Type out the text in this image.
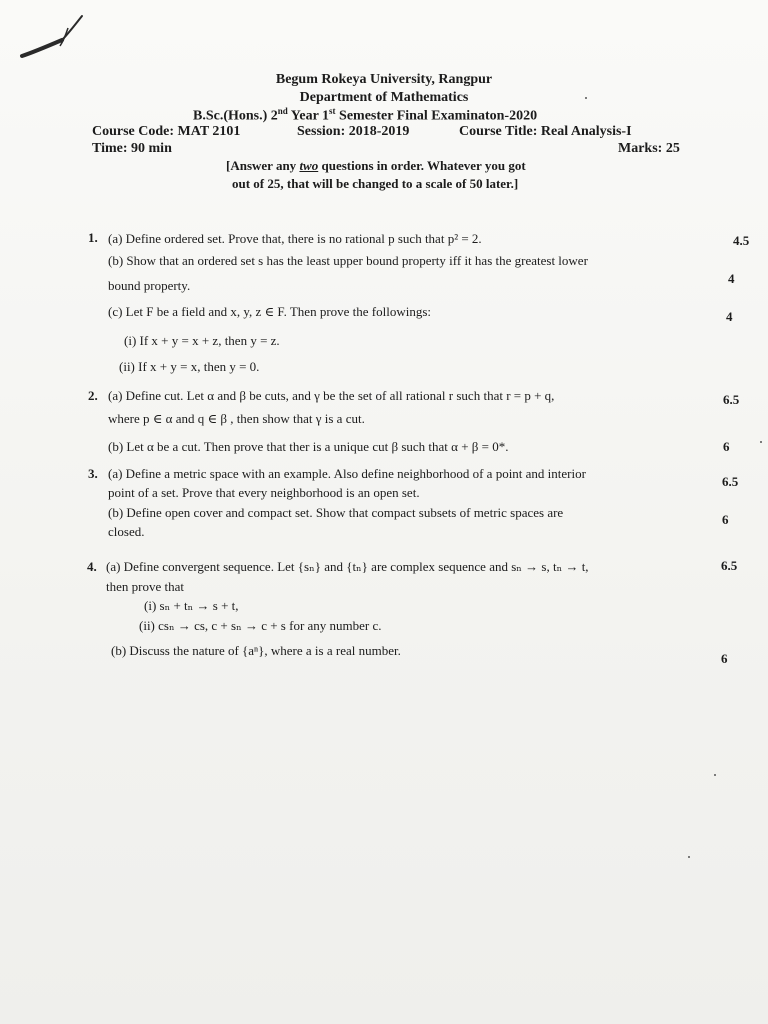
Begum Rokeya University, Rangpur
Department of Mathematics
B.Sc.(Hons.) 2nd Year 1st Semester Final Examinaton-2020
Course Code: MAT 2101	Session: 2018-2019	Course Title: Real Analysis-I
Time: 90 min	Marks: 25
[Answer any two questions in order. Whatever you got
out of 25, that will be changed to a scale of 50 later.]
1. (a) Define ordered set. Prove that, there is no rational p such that p² = 2.	4.5
(b) Show that an ordered set s has the least upper bound property iff it has the greatest lower
bound property.	4
(c) Let F be a field and x, y, z ∈ F. Then prove the followings:	4
(i) If x + y = x + z, then y = z.
(ii) If x + y = x, then y = 0.
2. (a) Define cut. Let α and β be cuts, and γ be the set of all rational r such that r = p + q,
where p ∈ α and q ∈ β , then show that γ is a cut.
6.5
(b) Let α be a cut. Then prove that ther is a unique cut β such that α + β = 0*.	6
3. (a) Define a metric space with an example. Also define neighborhood of a point and interior
point of a set. Prove that every neighborhood is an open set.
6.5
(b) Define open cover and compact set. Show that compact subsets of metric spaces are
closed.
6
4. (a) Define convergent sequence. Let {sₙ} and {tₙ} are complex sequence and sₙ → s, tₙ → t,
then prove that
6.5
(i) sₙ + tₙ → s + t,
(ii) csₙ → cs, c + sₙ → c + s for any number c.
(b) Discuss the nature of {aⁿ}, where a is a real number.
6
